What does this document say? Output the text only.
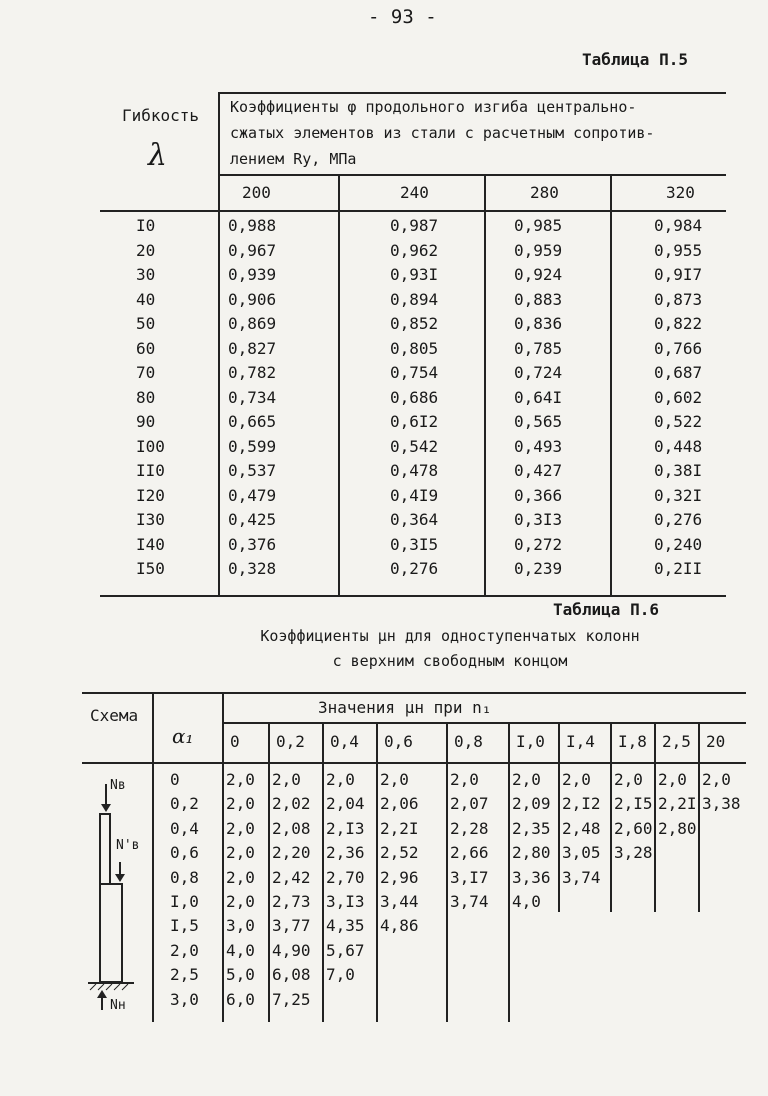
- 93 -
Таблица П.5
Гибкость
λ
Коэффициенты φ продольного изгиба центрально-
сжатых элементов из стали с расчетным сопротив-
лением Ry, МПа
200	240	280	320
I0	0,988	0,987	0,985	0,984
20	0,967	0,962	0,959	0,955
30	0,939	0,93I	0,924	0,9I7
40	0,906	0,894	0,883	0,873
50	0,869	0,852	0,836	0,822
60	0,827	0,805	0,785	0,766
70	0,782	0,754	0,724	0,687
80	0,734	0,686	0,64I	0,602
90	0,665	0,6I2	0,565	0,522
I00	0,599	0,542	0,493	0,448
II0	0,537	0,478	0,427	0,38I
I20	0,479	0,4I9	0,366	0,32I
I30	0,425	0,364	0,3I3	0,276
I40	0,376	0,3I5	0,272	0,240
I50	0,328	0,276	0,239	0,2II
Таблица П.6
Коэффициенты μн для одноступенчатых колонн
с верхним свободным концом
Схема
α₁
Значения μн при n₁
Nв
N'в
Nн
0 0,2 0,4 0,6	0,8 I,0 I,4 I,8 2,5 20
0	2,0 2,0 2,0 2,0	2,0 2,0 2,0 2,0 2,0 2,0
0,2 2,0 2,02 2,04 2,06 2,07 2,09 2,I2 2,I5 2,2I 3,38
0,4 2,0 2,08 2,I3 2,2I 2,28 2,35 2,48 2,60 2,80
0,6 2,0 2,20 2,36 2,52 2,66 2,80 3,05 3,28
0,8 2,0 2,42 2,70 2,96 3,I7 3,36 3,74
I,0 2,0 2,73 3,I3 3,44 3,74 4,0
I,5 3,0 3,77 4,35 4,86
2,0 4,0 4,90 5,67
2,5 5,0 6,08 7,0
3,0 6,0 7,25
